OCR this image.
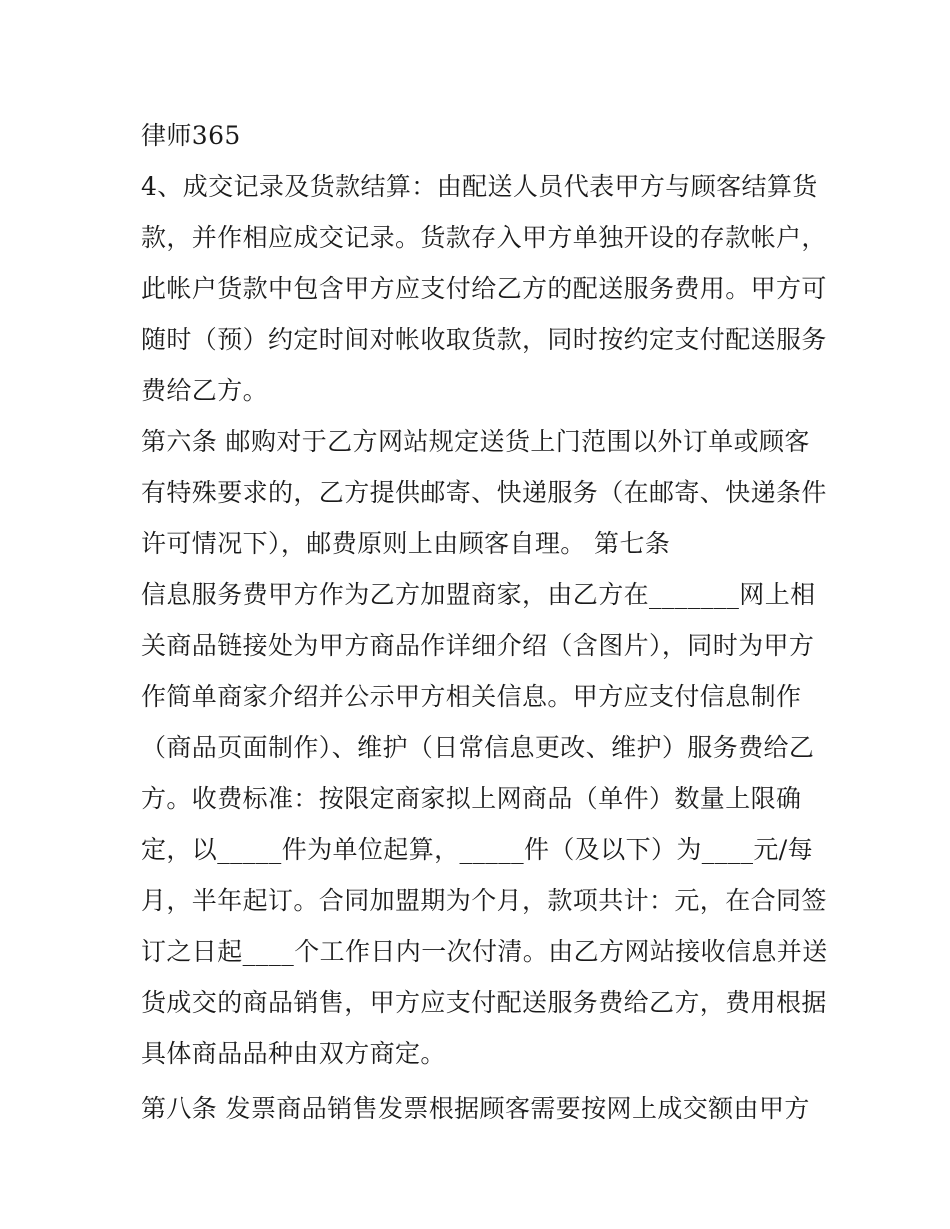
律师365
4、成交记录及货款结算：由配送人员代表甲方与顾客结算货
款，并作相应成交记录。货款存入甲方单独开设的存款帐户，
此帐户货款中包含甲方应支付给乙方的配送服务费用。甲方可
随时（预）约定时间对帐收取货款，同时按约定支付配送服务
费给乙方。
第六条 邮购对于乙方网站规定送货上门范围以外订单或顾客
有特殊要求的，乙方提供邮寄、快递服务（在邮寄、快递条件
许可情况下），邮费原则上由顾客自理。 第七条
信息服务费甲方作为乙方加盟商家，由乙方在_______网上相
关商品链接处为甲方商品作详细介绍（含图片），同时为甲方
作简单商家介绍并公示甲方相关信息。甲方应支付信息制作
（商品页面制作）、维护（日常信息更改、维护）服务费给乙
方。收费标准：按限定商家拟上网商品（单件）数量上限确
定，以_____件为单位起算，_____件（及以下）为____元/每
月，半年起订。合同加盟期为个月，款项共计：元，在合同签
订之日起____个工作日内一次付清。由乙方网站接收信息并送
货成交的商品销售，甲方应支付配送服务费给乙方，费用根据
具体商品品种由双方商定。
第八条 发票商品销售发票根据顾客需要按网上成交额由甲方
